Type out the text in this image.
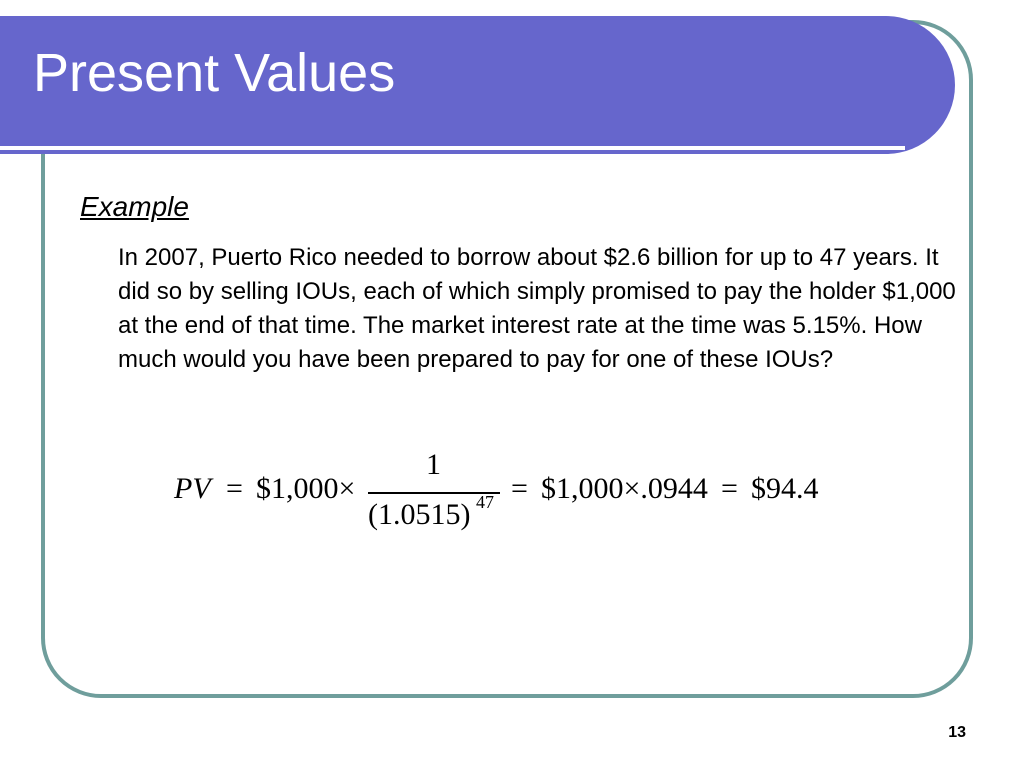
Present Values
Example

In 2007, Puerto Rico needed to borrow about $2.6 billion for up to 47 years. It did so by selling IOUs, each of which simply promised to pay the holder $1,000 at the end of that time. The market interest rate at the time was 5.15%. How much would you have been prepared to pay for one of these IOUs?

PV = $1,000×
1
(1.0515) 47 = $1,000×.0944 = $94.4
13
